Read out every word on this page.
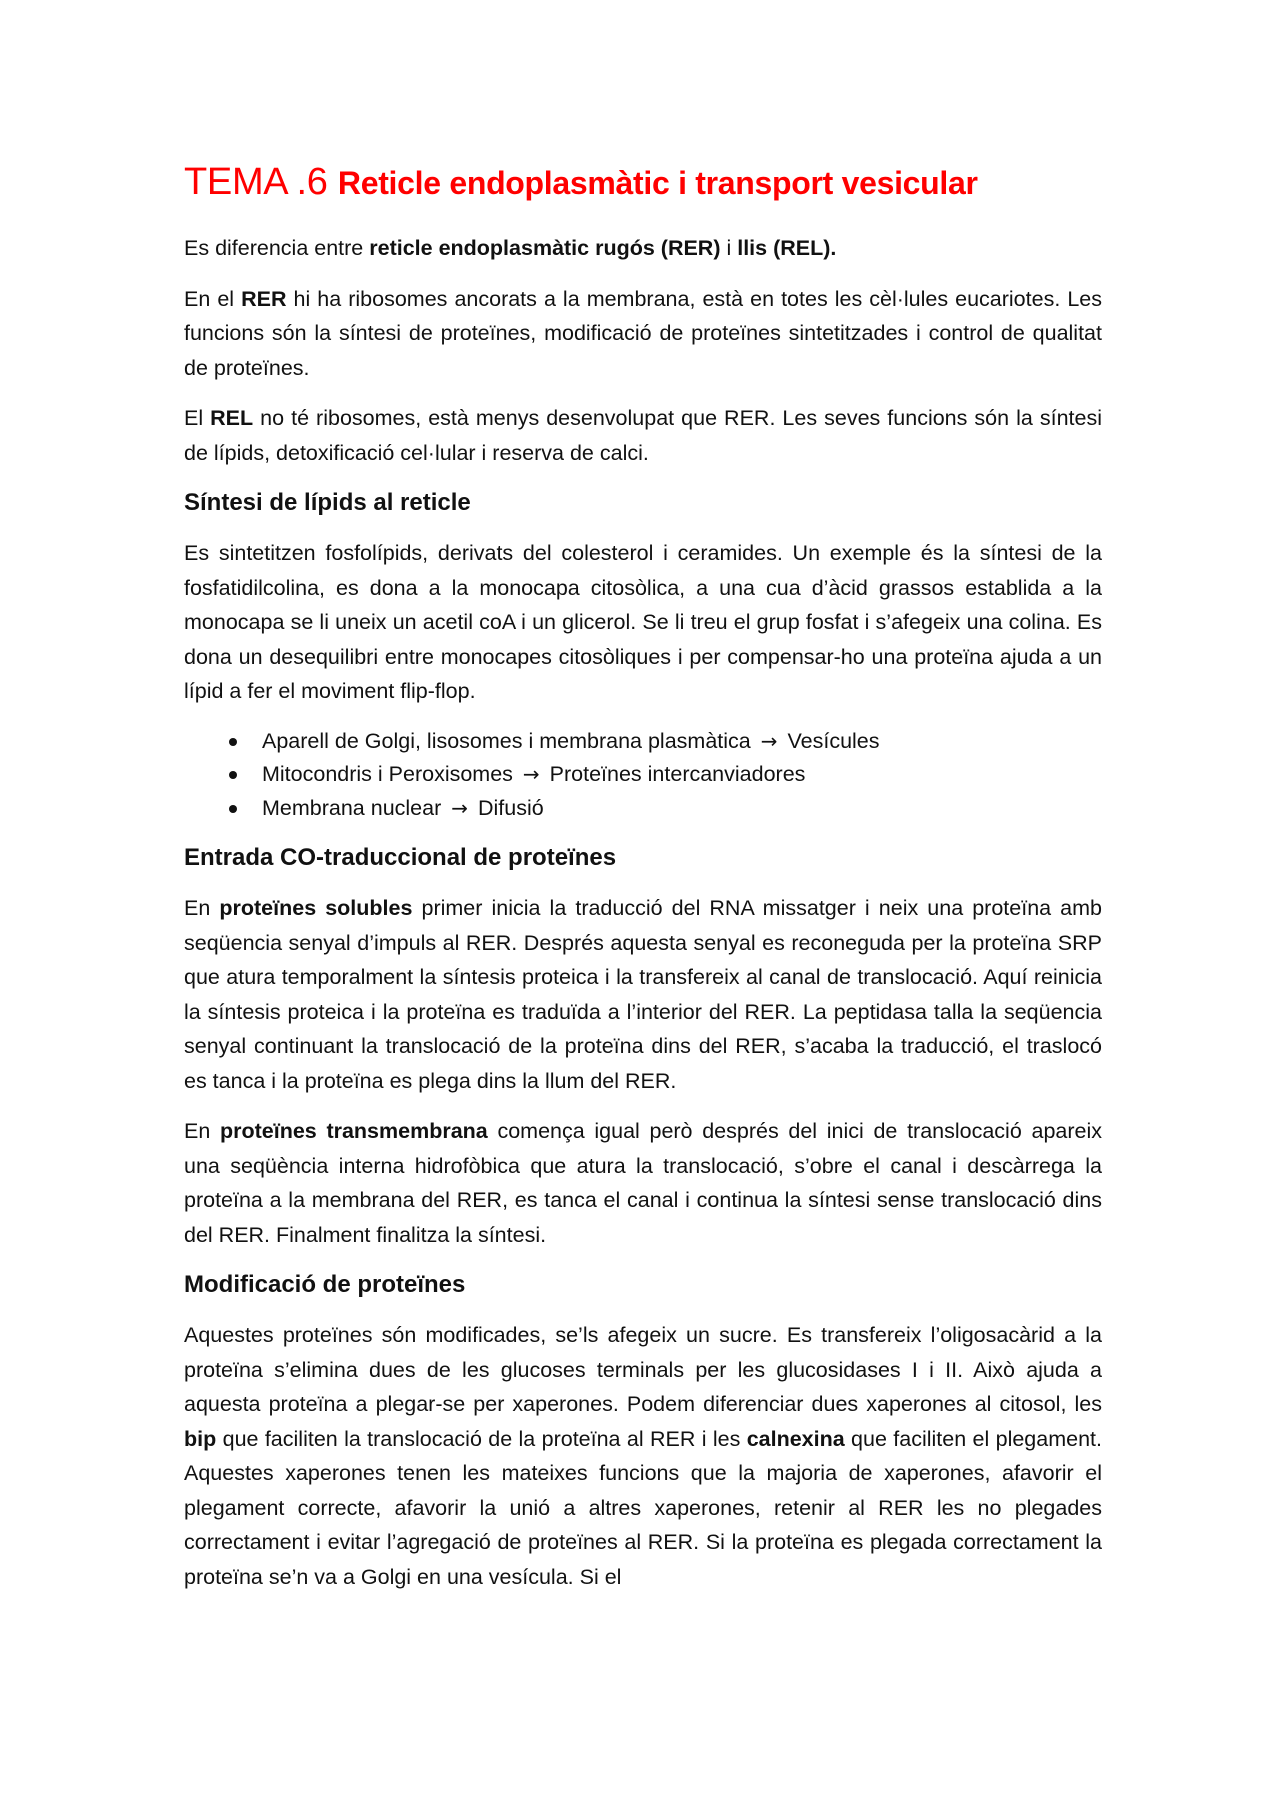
TEMA .6 Reticle endoplasmàtic i transport vesicular

Es diferencia entre reticle endoplasmàtic rugós (RER) i llis (REL).

En el RER hi ha ribosomes ancorats a la membrana, està en totes les cèl·lules eucariotes. Les funcions són la síntesi de proteïnes, modificació de proteïnes sintetitzades i control de qualitat de proteïnes.

El REL no té ribosomes, està menys desenvolupat que RER. Les seves funcions són la síntesi de lípids, detoxificació cel·lular i reserva de calci.

Síntesi de lípids al reticle

Es sintetitzen fosfolípids, derivats del colesterol i ceramides. Un exemple és la síntesi de la fosfatidilcolina, es dona a la monocapa citosòlica, a una cua d’àcid grassos establida a la monocapa se li uneix un acetil coA i un glicerol. Se li treu el grup fosfat i s’afegeix una colina. Es dona un desequilibri entre monocapes citosòliques i per compensar-ho una proteïna ajuda a un lípid a fer el moviment flip-flop.

Aparell de Golgi, lisosomes i membrana plasmàtica → Vesícules
Mitocondris i Peroxisomes → Proteïnes intercanviadores
Membrana nuclear → Difusió
Entrada CO-traduccional de proteïnes

En proteïnes solubles primer inicia la traducció del RNA missatger i neix una proteïna amb seqüencia senyal d’impuls al RER. Després aquesta senyal es reconeguda per la proteïna SRP que atura temporalment la síntesis proteica i la transfereix al canal de translocació. Aquí reinicia la síntesis proteica i la proteïna es traduïda a l’interior del RER. La peptidasa talla la seqüencia senyal continuant la translocació de la proteïna dins del RER, s’acaba la traducció, el traslocó es tanca i la proteïna es plega dins la llum del RER.

En proteïnes transmembrana comença igual però després del inici de translocació apareix una seqüència interna hidrofòbica que atura la translocació, s’obre el canal i descàrrega la proteïna a la membrana del RER, es tanca el canal i continua la síntesi sense translocació dins del RER. Finalment finalitza la síntesi.

Modificació de proteïnes

Aquestes proteïnes són modificades, se’ls afegeix un sucre. Es transfereix l’oligosacàrid a la proteïna s’elimina dues de les glucoses terminals per les glucosidases I i II. Això ajuda a aquesta proteïna a plegar-se per xaperones. Podem diferenciar dues xaperones al citosol, les bip que faciliten la translocació de la proteïna al RER i les calnexina que faciliten el plegament. Aquestes xaperones tenen les mateixes funcions que la majoria de xaperones, afavorir el plegament correcte, afavorir la unió a altres xaperones, retenir al RER les no plegades correctament i evitar l’agregació de proteïnes al RER. Si la proteïna es plegada correctament la proteïna se’n va a Golgi en una vesícula. Si el
